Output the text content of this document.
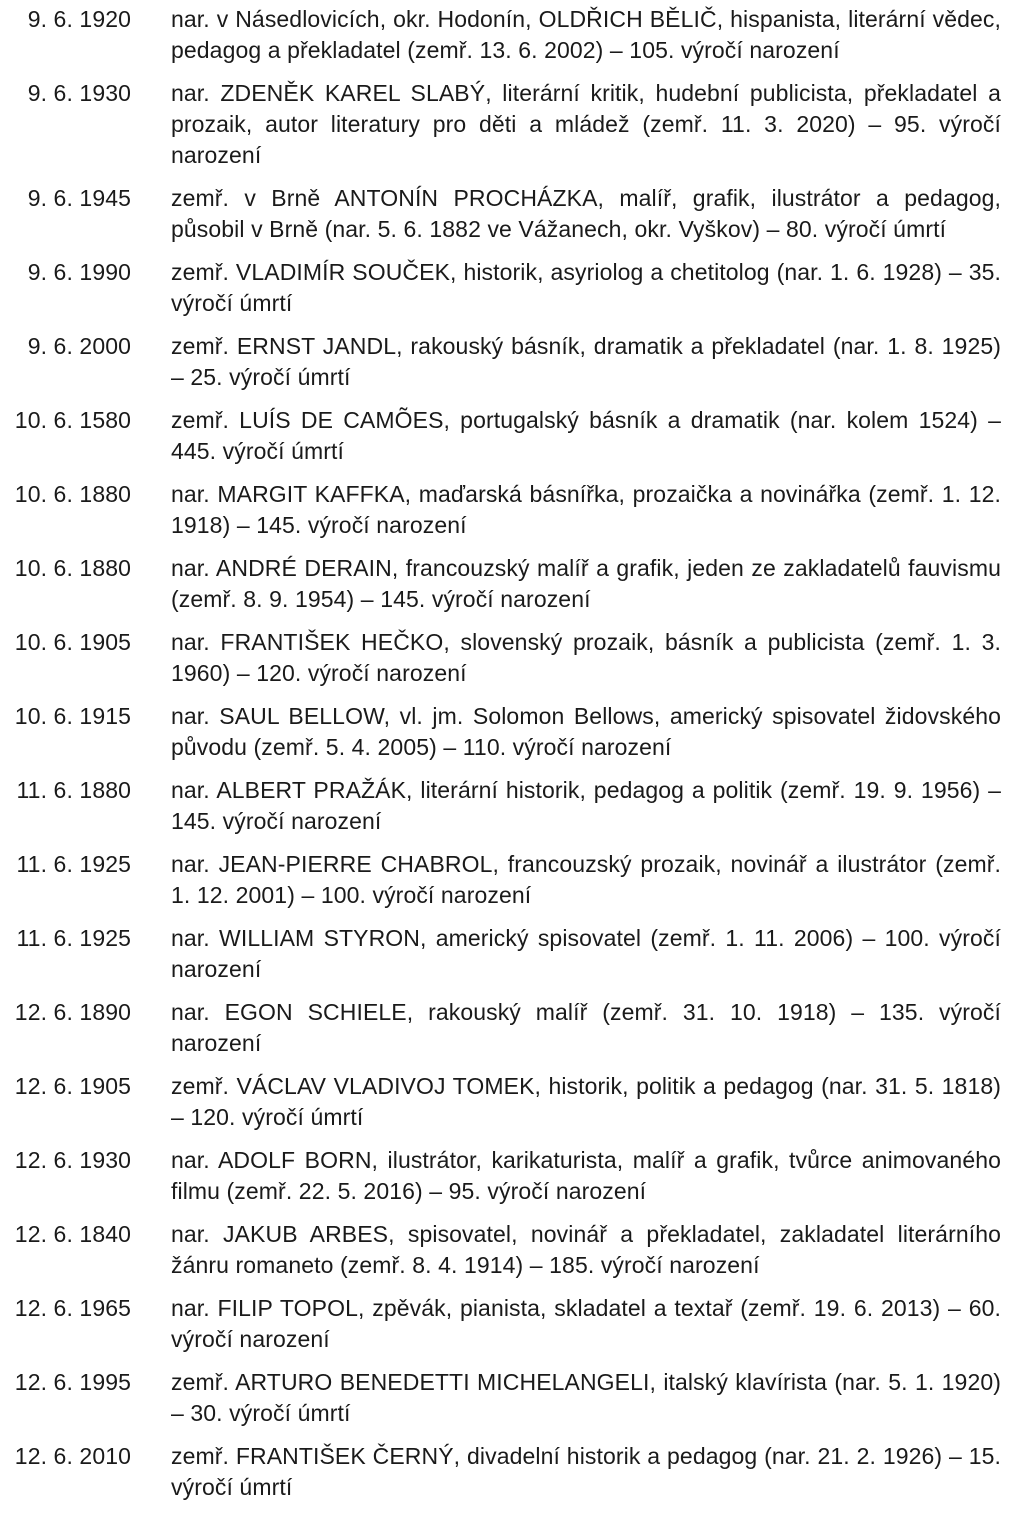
9. 6. 1920 nar. v Násedlovicích, okr. Hodonín, OLDŘICH BĚLIČ, hispanista, literární vědec, pedagog a překladatel (zemř. 13. 6. 2002) – 105. výročí narození
9. 6. 1930 nar. ZDENĚK KAREL SLABÝ, literární kritik, hudební publicista, překladatel a prozaik, autor literatury pro děti a mládež (zemř. 11. 3. 2020) – 95. výročí narození
9. 6. 1945 zemř. v Brně ANTONÍN PROCHÁZKA, malíř, grafik, ilustrátor a pedagog, působil v Brně (nar. 5. 6. 1882 ve Vážanech, okr. Vyškov) – 80. výročí úmrtí
9. 6. 1990 zemř. VLADIMÍR SOUČEK, historik, asyriolog a chetitolog (nar. 1. 6. 1928) – 35. výročí úmrtí
9. 6. 2000 zemř. ERNST JANDL, rakouský básník, dramatik a překladatel (nar. 1. 8. 1925) – 25. výročí úmrtí
10. 6. 1580 zemř. LUÍS DE CAMÕES, portugalský básník a dramatik (nar. kolem 1524) – 445. výročí úmrtí
10. 6. 1880 nar. MARGIT KAFFKA, maďarská básnířka, prozaička a novinářka (zemř. 1. 12. 1918) – 145. výročí narození
10. 6. 1880 nar. ANDRÉ DERAIN, francouzský malíř a grafik, jeden ze zakladatelů fauvismu (zemř. 8. 9. 1954) – 145. výročí narození
10. 6. 1905 nar. FRANTIŠEK HEČKO, slovenský prozaik, básník a publicista (zemř. 1. 3. 1960) – 120. výročí narození
10. 6. 1915 nar. SAUL BELLOW, vl. jm. Solomon Bellows, americký spisovatel židovského původu (zemř. 5. 4. 2005) – 110. výročí narození
11. 6. 1880 nar. ALBERT PRAŽÁK, literární historik, pedagog a politik (zemř. 19. 9. 1956) – 145. výročí narození
11. 6. 1925 nar. JEAN-PIERRE CHABROL, francouzský prozaik, novinář a ilustrátor (zemř. 1. 12. 2001) – 100. výročí narození
11. 6. 1925 nar. WILLIAM STYRON, americký spisovatel (zemř. 1. 11. 2006) – 100. výročí narození
12. 6. 1890 nar. EGON SCHIELE, rakouský malíř (zemř. 31. 10. 1918) – 135. výročí narození
12. 6. 1905 zemř. VÁCLAV VLADIVOJ TOMEK, historik, politik a pedagog (nar. 31. 5. 1818) – 120. výročí úmrtí
12. 6. 1930 nar. ADOLF BORN, ilustrátor, karikaturista, malíř a grafik, tvůrce animovaného filmu (zemř. 22. 5. 2016) – 95. výročí narození
12. 6. 1840 nar. JAKUB ARBES, spisovatel, novinář a překladatel, zakladatel literárního žánru romaneto (zemř. 8. 4. 1914) – 185. výročí narození
12. 6. 1965 nar. FILIP TOPOL, zpěvák, pianista, skladatel a textař (zemř. 19. 6. 2013) – 60. výročí narození
12. 6. 1995 zemř. ARTURO BENEDETTI MICHELANGELI, italský klavírista (nar. 5. 1. 1920) – 30. výročí úmrtí
12. 6. 2010 zemř. FRANTIŠEK ČERNÝ, divadelní historik a pedagog (nar. 21. 2. 1926) – 15. výročí úmrtí
